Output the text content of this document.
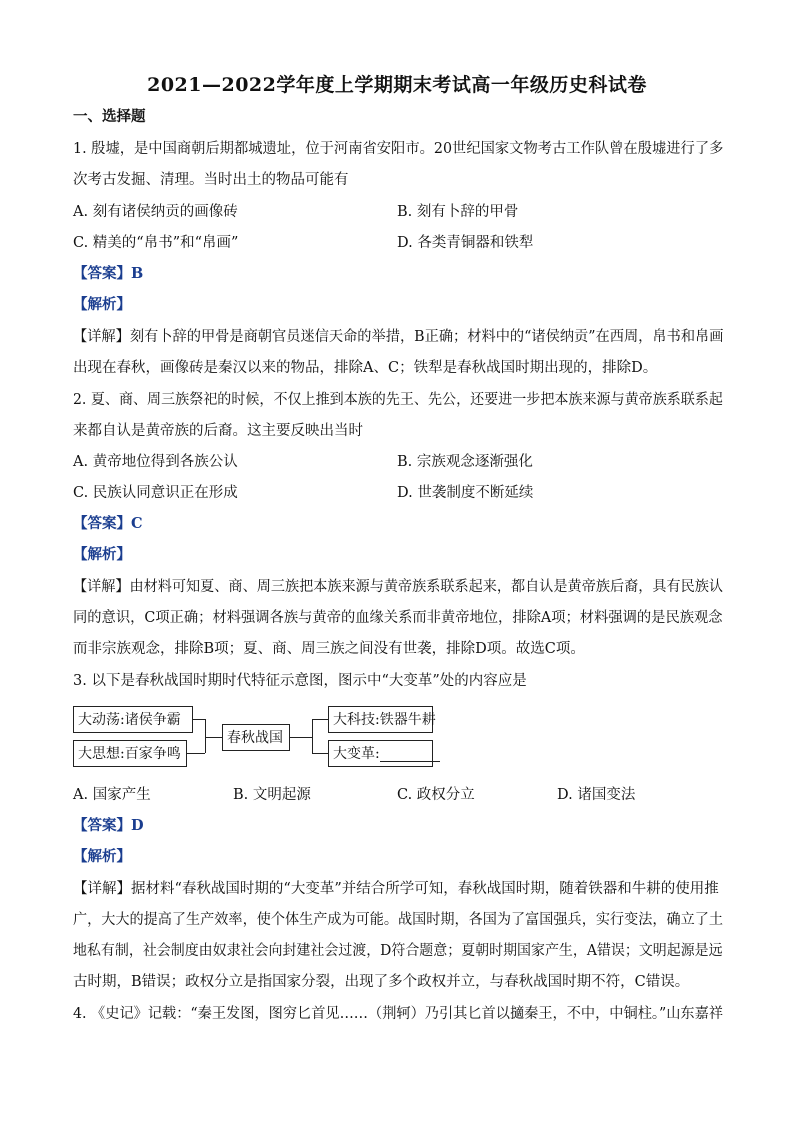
2021—2022学年度上学期期末考试高一年级历史科试卷
一、选择题
1. 殷墟，是中国商朝后期都城遗址，位于河南省安阳市。20世纪国家文物考古工作队曾在殷墟进行了多
次考古发掘、清理。当时出土的物品可能有
A. 刻有诸侯纳贡的画像砖	B. 刻有卜辞的甲骨
C. 精美的“帛书”和“帛画”	D. 各类青铜器和铁犁
【答案】B
【解析】
【详解】刻有卜辞的甲骨是商朝官员迷信天命的举措，B正确；材料中的“诸侯纳贡”在西周，帛书和帛画
出现在春秋，画像砖是秦汉以来的物品，排除A、C；铁犁是春秋战国时期出现的，排除D。
2. 夏、商、周三族祭祀的时候，不仅上推到本族的先王、先公，还要进一步把本族来源与黄帝族系联系起
来都自认是黄帝族的后裔。这主要反映出当时
A. 黄帝地位得到各族公认	B. 宗族观念逐渐强化
C. 民族认同意识正在形成	D. 世袭制度不断延续
【答案】C
【解析】
【详解】由材料可知夏、商、周三族把本族来源与黄帝族系联系起来，都自认是黄帝族后裔，具有民族认
同的意识，C项正确；材料强调各族与黄帝的血缘关系而非黄帝地位，排除A项；材料强调的是民族观念
而非宗族观念，排除B项；夏、商、周三族之间没有世袭，排除D项。故选C项。
3. 以下是春秋战国时期时代特征示意图，图示中“大变革”处的内容应是
大动荡:诸侯争霸
大思想:百家争鸣
春秋战国
大科技:铁器牛耕
大变革:
A. 国家产生	B. 文明起源	C. 政权分立	D. 诸国变法
【答案】D
【解析】
【详解】据材料“春秋战国时期的“大变革”并结合所学可知，春秋战国时期，随着铁器和牛耕的使用推
广，大大的提高了生产效率，使个体生产成为可能。战国时期，各国为了富国强兵，实行变法，确立了土
地私有制，社会制度由奴隶社会向封建社会过渡，D符合题意；夏朝时期国家产生，A错误；文明起源是远
古时期，B错误；政权分立是指国家分裂，出现了多个政权并立，与春秋战国时期不符，C错误。
4. 《史记》记载：“秦王发图，图穷匕首见……（荆轲）乃引其匕首以擿秦王，不中，中铜柱。”山东嘉祥
